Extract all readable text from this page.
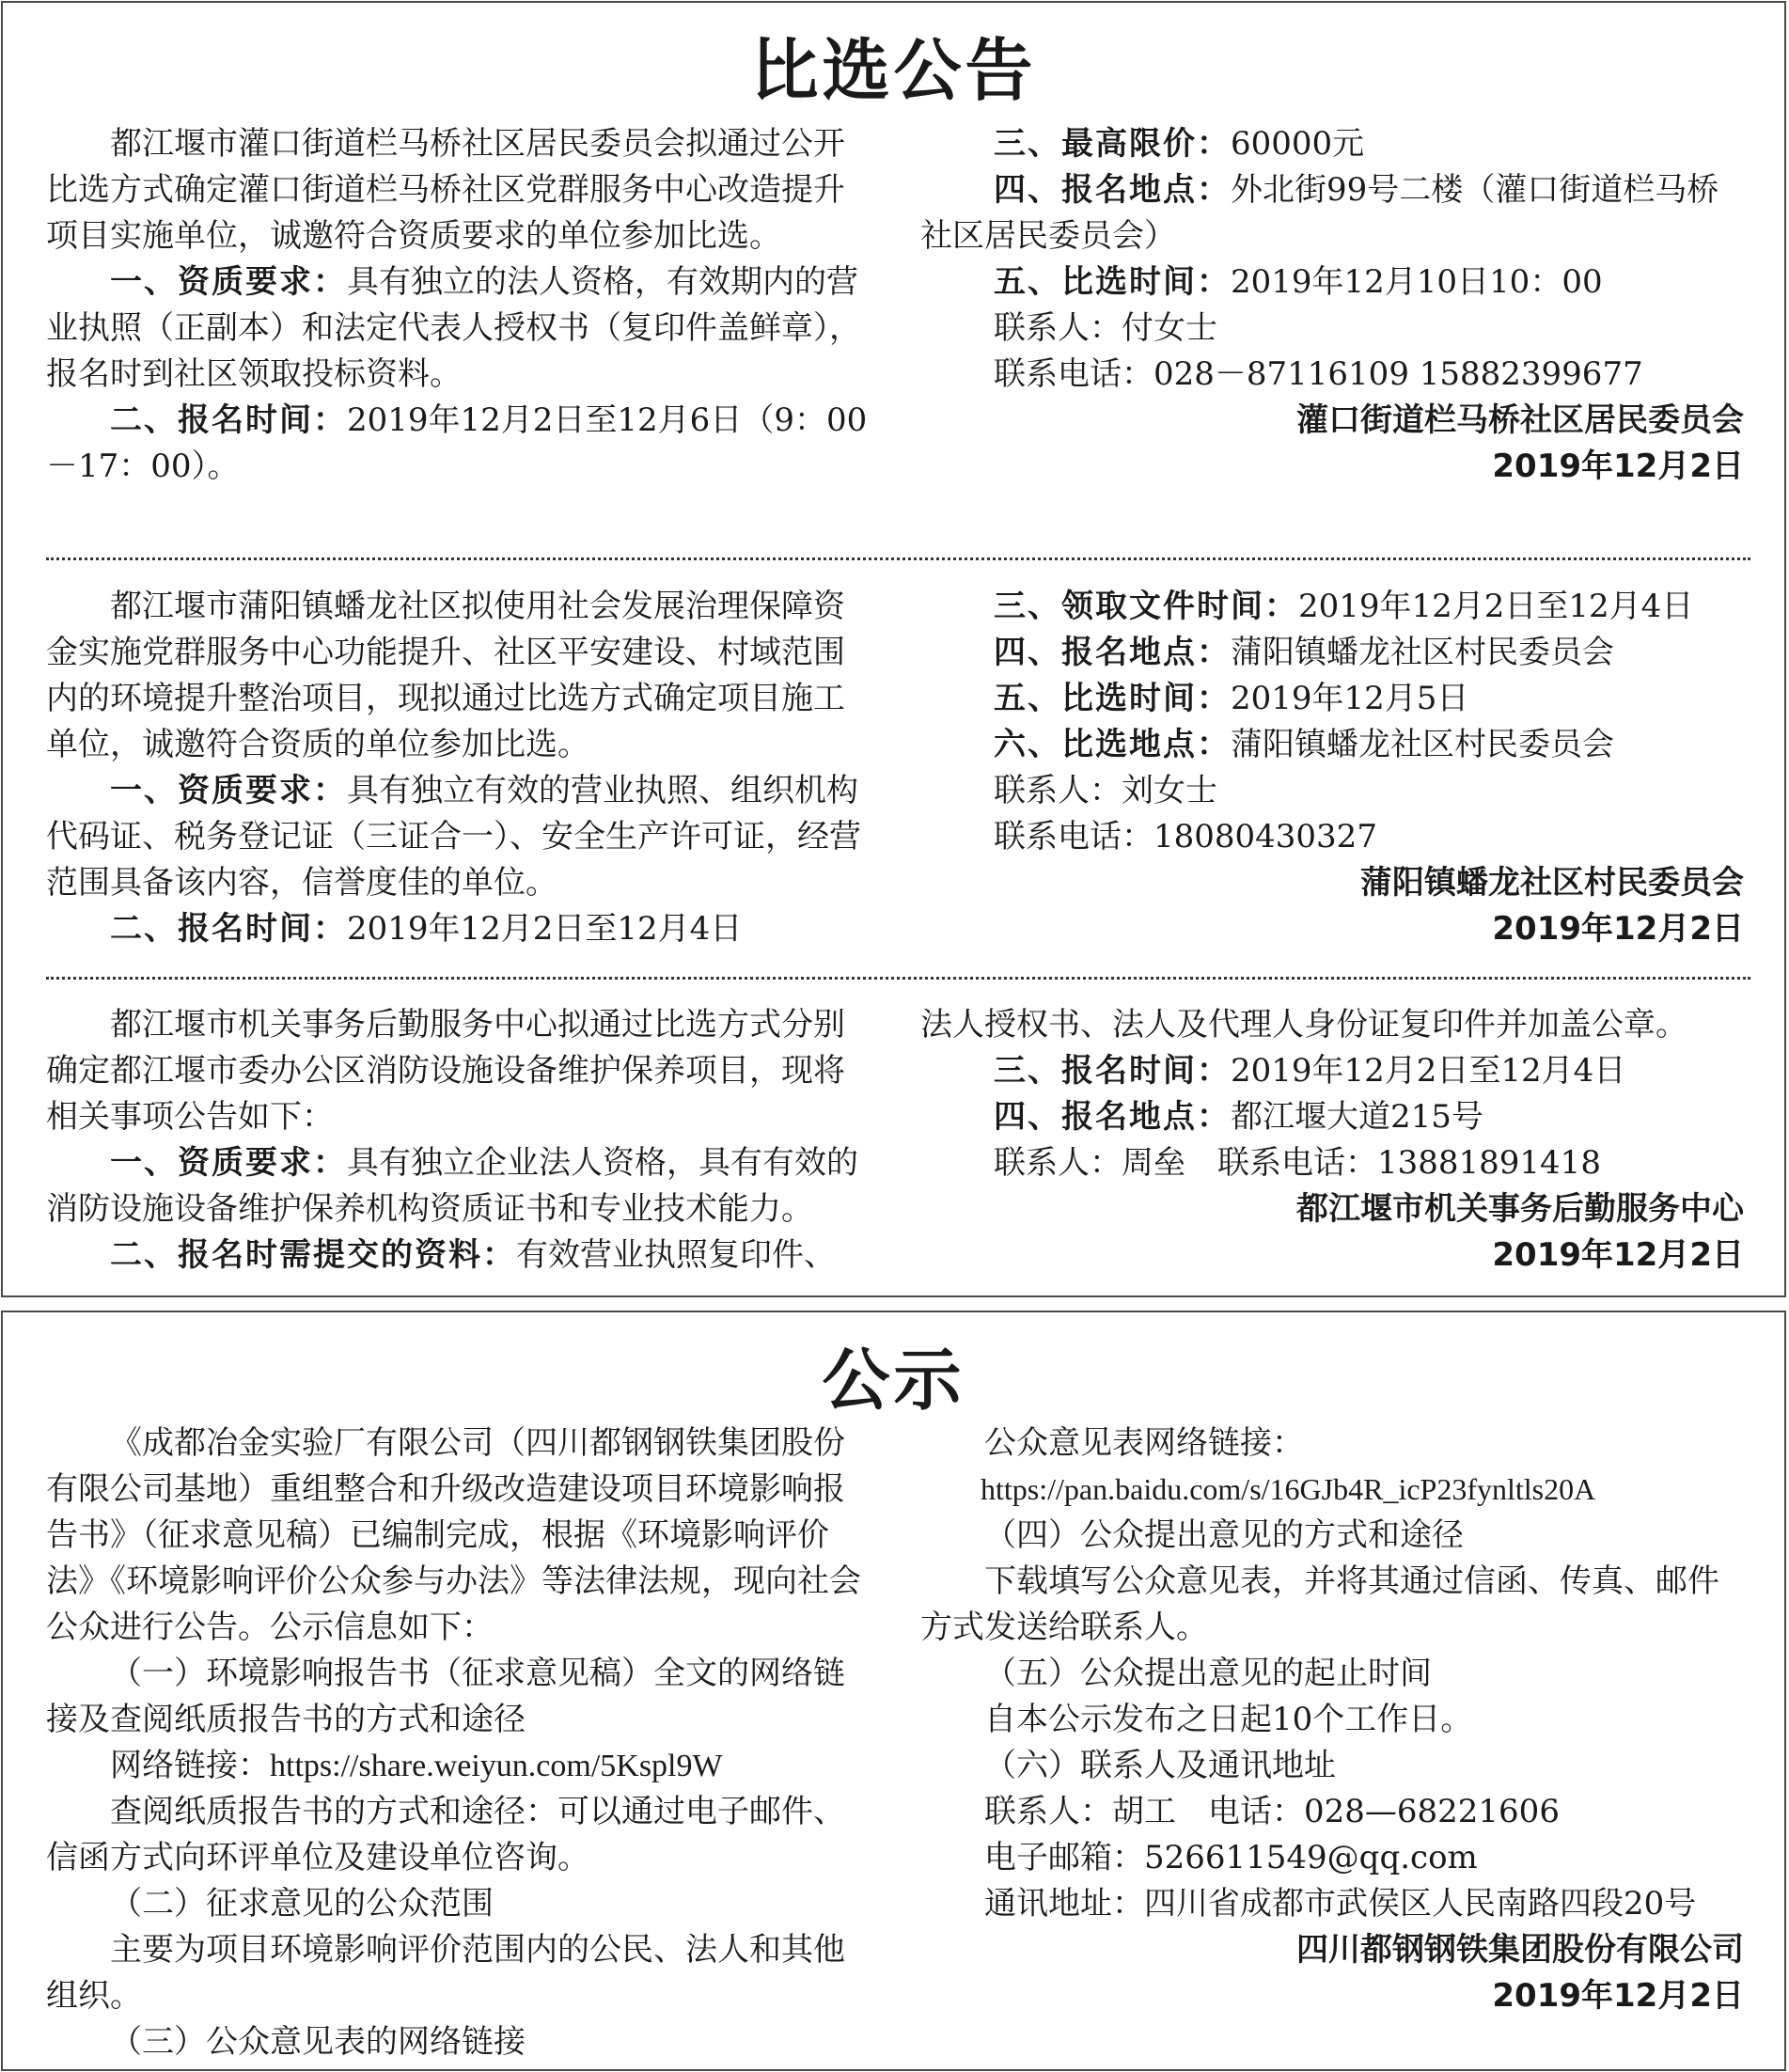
比选公告

都江堰市灌口街道栏马桥社区居民委员会拟通过公开比选方式确定灌口街道栏马桥社区党群服务中心改造提升项目实施单位，诚邀符合资质要求的单位参加比选。

一、资质要求：具有独立的法人资格，有效期内的营业执照（正副本）和法定代表人授权书（复印件盖鲜章），报名时到社区领取投标资料。

二、报名时间：2019年12月2日至12月6日（9：00－17：00）。

三、最高限价：60000元

四、报名地点：外北街99号二楼（灌口街道栏马桥社区居民委员会）

五、比选时间：2019年12月10日10：00

联系人：付女士

联系电话：028－87116109 15882399677

灌口街道栏马桥社区居民委员会

2019年12月2日

都江堰市蒲阳镇蟠龙社区拟使用社会发展治理保障资金实施党群服务中心功能提升、社区平安建设、村域范围内的环境提升整治项目，现拟通过比选方式确定项目施工单位，诚邀符合资质的单位参加比选。

一、资质要求：具有独立有效的营业执照、组织机构代码证、税务登记证（三证合一）、安全生产许可证，经营范围具备该内容，信誉度佳的单位。

二、报名时间：2019年12月2日至12月4日

三、领取文件时间：2019年12月2日至12月4日

四、报名地点：蒲阳镇蟠龙社区村民委员会

五、比选时间：2019年12月5日

六、比选地点：蒲阳镇蟠龙社区村民委员会

联系人：刘女士

联系电话：18080430327

蒲阳镇蟠龙社区村民委员会

2019年12月2日

都江堰市机关事务后勤服务中心拟通过比选方式分别确定都江堰市委办公区消防设施设备维护保养项目，现将相关事项公告如下：

一、资质要求：具有独立企业法人资格，具有有效的消防设施设备维护保养机构资质证书和专业技术能力。

二、报名时需提交的资料：有效营业执照复印件、

法人授权书、法人及代理人身份证复印件并加盖公章。

三、报名时间：2019年12月2日至12月4日

四、报名地点：都江堰大道215号

联系人：周垒　联系电话：13881891418

都江堰市机关事务后勤服务中心

2019年12月2日

公示

《成都冶金实验厂有限公司（四川都钢钢铁集团股份有限公司基地）重组整合和升级改造建设项目环境影响报告书》（征求意见稿）已编制完成，根据《环境影响评价法》《环境影响评价公众参与办法》等法律法规，现向社会公众进行公告。公示信息如下：

（一）环境影响报告书（征求意见稿）全文的网络链接及查阅纸质报告书的方式和途径

网络链接：https://share.weiyun.com/5Kspl9W

查阅纸质报告书的方式和途径：可以通过电子邮件、信函方式向环评单位及建设单位咨询。

（二）征求意见的公众范围

主要为项目环境影响评价范围内的公民、法人和其他组织。

（三）公众意见表的网络链接

公众意见表网络链接：

https://pan.baidu.com/s/16GJb4R_icP23fynltls20A

（四）公众提出意见的方式和途径

下载填写公众意见表，并将其通过信函、传真、邮件方式发送给联系人。

（五）公众提出意见的起止时间

自本公示发布之日起10个工作日。

（六）联系人及通讯地址

联系人：胡工　电话：028—68221606

电子邮箱：526611549@qq.com

通讯地址：四川省成都市武侯区人民南路四段20号

四川都钢钢铁集团股份有限公司

2019年12月2日
